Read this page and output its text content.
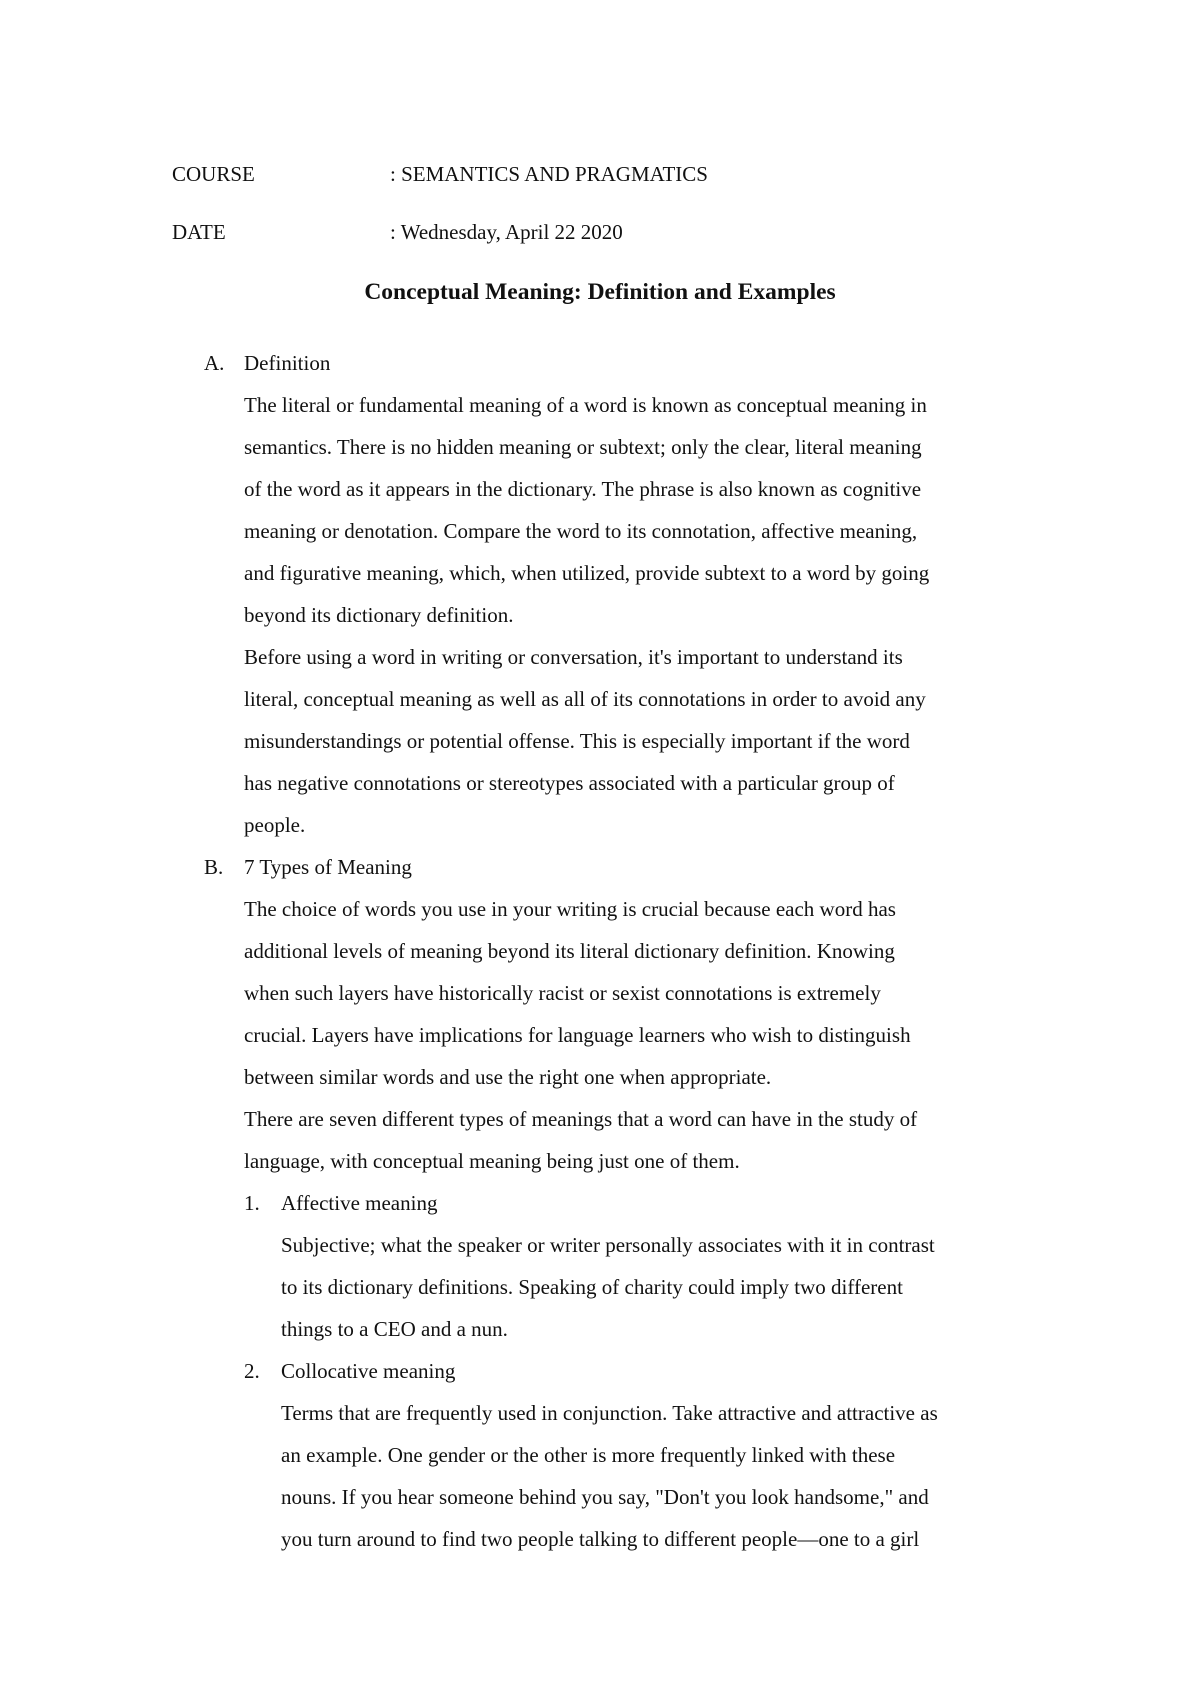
COURSE	: SEMANTICS AND PRAGMATICS
DATE	: Wednesday, April 22 2020
Conceptual Meaning: Definition and Examples
A. Definition

The literal or fundamental meaning of a word is known as conceptual meaning in
semantics. There is no hidden meaning or subtext; only the clear, literal meaning
of the word as it appears in the dictionary. The phrase is also known as cognitive
meaning or denotation. Compare the word to its connotation, affective meaning,
and figurative meaning, which, when utilized, provide subtext to a word by going
beyond its dictionary definition.

Before using a word in writing or conversation, it's important to understand its
literal, conceptual meaning as well as all of its connotations in order to avoid any
misunderstandings or potential offense. This is especially important if the word
has negative connotations or stereotypes associated with a particular group of
people.

B. 7 Types of Meaning

The choice of words you use in your writing is crucial because each word has
additional levels of meaning beyond its literal dictionary definition. Knowing
when such layers have historically racist or sexist connotations is extremely
crucial. Layers have implications for language learners who wish to distinguish
between similar words and use the right one when appropriate.

There are seven different types of meanings that a word can have in the study of
language, with conceptual meaning being just one of them.

1. Affective meaning

Subjective; what the speaker or writer personally associates with it in contrast
to its dictionary definitions. Speaking of charity could imply two different
things to a CEO and a nun.

2. Collocative meaning

Terms that are frequently used in conjunction. Take attractive and attractive as
an example. One gender or the other is more frequently linked with these
nouns. If you hear someone behind you say, "Don't you look handsome," and
you turn around to find two people talking to different people—one to a girl
